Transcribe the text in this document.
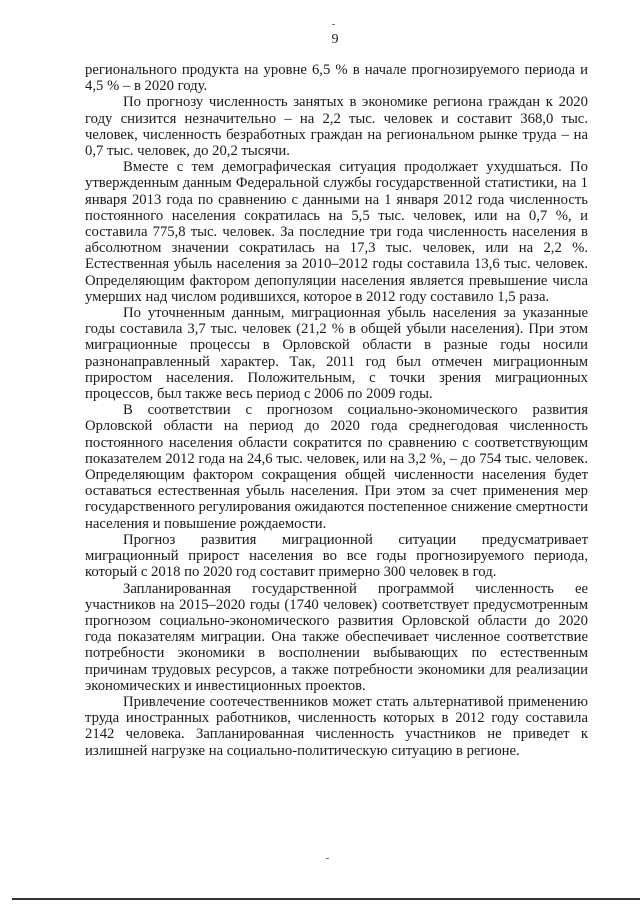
9

регионального продукта на уровне 6,5 % в начале прогнозируемого периода и 4,5 % – в 2020 году.

По прогнозу численность занятых в экономике региона граждан к 2020 году снизится незначительно – на 2,2 тыс. человек и составит 368,0 тыс. человек, численность безработных граждан на региональном рынке труда – на 0,7 тыс. человек, до 20,2 тысячи.

Вместе с тем демографическая ситуация продолжает ухудшаться. По утвержденным данным Федеральной службы государственной статистики, на 1 января 2013 года по сравнению с данными на 1 января 2012 года численность постоянного населения сократилась на 5,5 тыс. человек, или на 0,7 %, и составила 775,8 тыс. человек. За последние три года численность населения в абсолютном значении сократилась на 17,3 тыс. человек, или на 2,2 %. Естественная убыль населения за 2010–2012 годы составила 13,6 тыс. человек. Определяющим фактором депопуляции населения является превышение числа умерших над числом родившихся, которое в 2012 году составило 1,5 раза.

По уточненным данным, миграционная убыль населения за указанные годы составила 3,7 тыс. человек (21,2 % в общей убыли населения). При этом миграционные процессы в Орловской области в разные годы носили разнонаправленный характер. Так, 2011 год был отмечен миграционным приростом населения. Положительным, с точки зрения миграционных процессов, был также весь период с 2006 по 2009 годы.

В соответствии с прогнозом социально-экономического развития Орловской области на период до 2020 года среднегодовая численность постоянного населения области сократится по сравнению с соответствующим показателем 2012 года на 24,6 тыс. человек, или на 3,2 %, – до 754 тыс. человек. Определяющим фактором сокращения общей численности населения будет оставаться естественная убыль населения. При этом за счет применения мер государственного регулирования ожидаются постепенное снижение смертности населения и повышение рождаемости.

Прогноз развития миграционной ситуации предусматривает миграционный прирост населения во все годы прогнозируемого периода, который с 2018 по 2020 год составит примерно 300 человек в год.

Запланированная государственной программой численность ее участников на 2015–2020 годы (1740 человек) соответствует предусмотренным прогнозом социально-экономического развития Орловской области до 2020 года показателям миграции. Она также обеспечивает численное соответствие потребности экономики в восполнении выбывающих по естественным причинам трудовых ресурсов, а также потребности экономики для реализации экономических и инвестиционных проектов.

Привлечение соотечественников может стать альтернативой применению труда иностранных работников, численность которых в 2012 году составила 2142 человека. Запланированная численность участников не приведет к излишней нагрузке на социально-политическую ситуацию в регионе.
